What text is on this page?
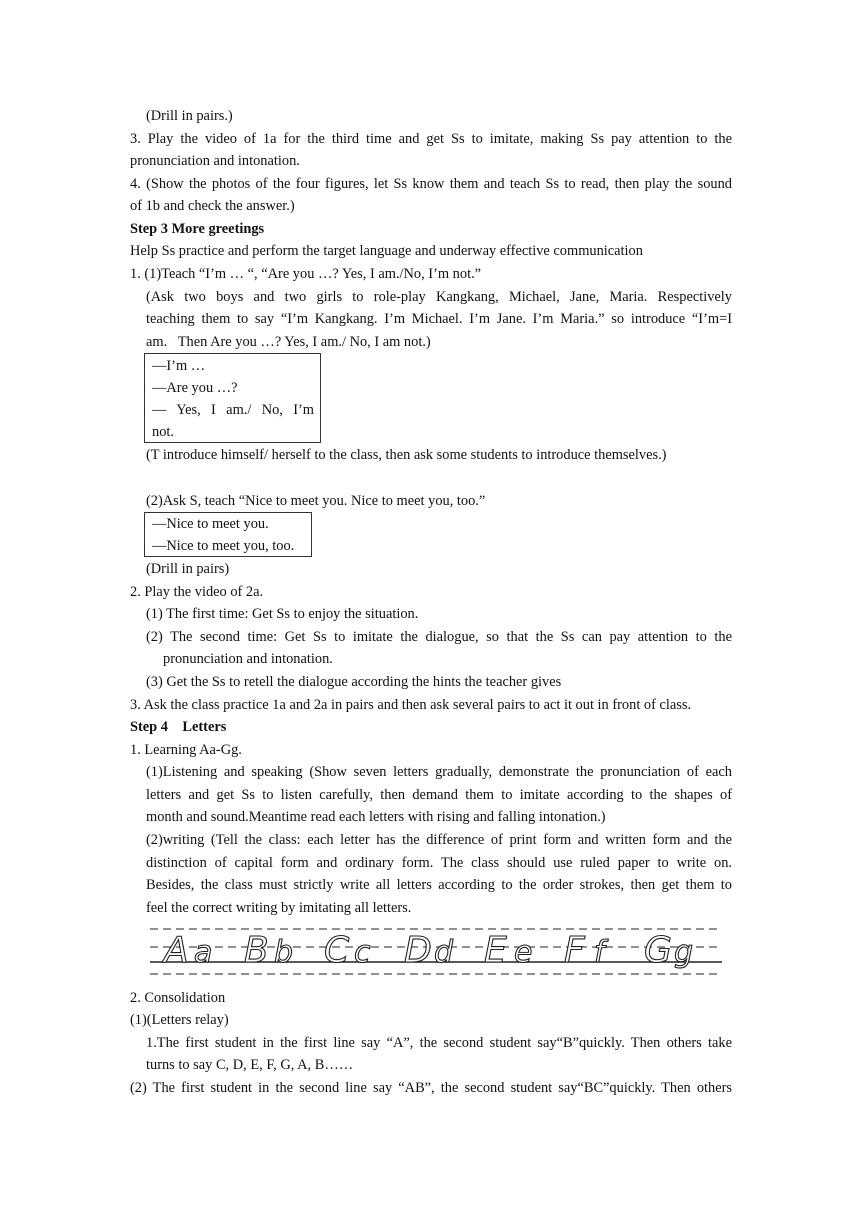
(Drill in pairs.)
3. Play the video of 1a for the third time and get Ss to imitate, making Ss pay attention to the
pronunciation and intonation.
4. (Show the photos of the four figures, let Ss know them and teach Ss to read, then play the sound
of 1b and check the answer.)
Step 3 More greetings
Help Ss practice and perform the target language and underway effective communication
1. (1)Teach “I’m … “, “Are you …? Yes, I am./No, I’m not.”
(Ask two boys and two girls to role-play Kangkang, Michael, Jane, Maria. Respectively
teaching them to say “I’m Kangkang. I’m Michael. I’m Jane. I’m Maria.” so introduce “I’m=I
am.   Then Are you …? Yes, I am./ No, I am not.)
—I’m …
—Are you …?
— Yes, I am./ No, I’m
not.
(T introduce himself/ herself to the class, then ask some students to introduce themselves.)
(2)Ask S, teach “Nice to meet you. Nice to meet you, too.”
—Nice to meet you.
—Nice to meet you, too.
(Drill in pairs)
2. Play the video of 2a.
(1) The first time: Get Ss to enjoy the situation.
(2) The second time: Get Ss to imitate the dialogue, so that the Ss can pay attention to the
pronunciation and intonation.
(3) Get the Ss to retell the dialogue according the hints the teacher gives
3. Ask the class practice 1a and 2a in pairs and then ask several pairs to act it out in front of class.
Step 4    Letters
1. Learning Aa-Gg.
(1)Listening and speaking (Show seven letters gradually, demonstrate the pronunciation of each
letters and get Ss to listen carefully, then demand them to imitate according to the shapes of
month and sound.Meantime read each letters with rising and falling intonation.)
(2)writing (Tell the class: each letter has the difference of print form and written form and the
distinction of capital form and ordinary form. The class should use ruled paper to write on.
Besides, the class must strictly write all letters according to the order strokes, then get them to
feel the correct writing by imitating all letters.
A a B b C c D d E e F f G g
2. Consolidation
(1)(Letters relay)
1.The first student in the first line say “A”, the second student say“B”quickly. Then others take
turns to say C, D, E, F, G, A, B……
(2) The first student in the second line say “AB”, the second student say“BC”quickly. Then others
